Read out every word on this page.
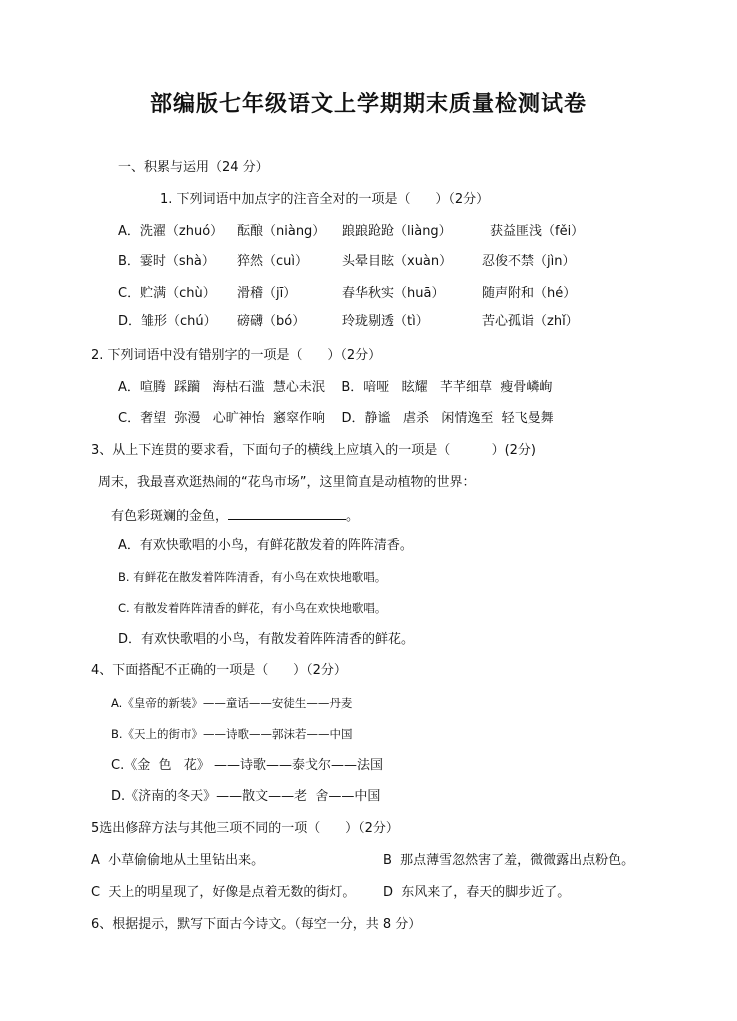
部编版七年级语文上学期期末质量检测试卷
一、积累与运用（24 分）
1. 下列词语中加点字的注音全对的一项是（      ）（2分）
A．洗濯（zhuó） 酝酿（niàng） 踉踉跄跄（liàng）	获益匪浅（fěi）
B．霎时（shà） 猝然（cuì）	头晕目眩（xuàn） 忍俊不禁（jìn）
C．贮满（chù） 滑稽（jī）	春华秋实（huā）	随声附和（hé）
D．雏形（chú） 磅礴（bó）	玲珑剔透（tì）	苦心孤诣（zhǐ）
2. 下列词语中没有错别字的一项是（      ）（2分）
A．喧腾  踩躏   海枯石滥  慧心未泯    B．喑哑   眩耀   芊芊细草  瘦骨嶙峋
C．奢望  弥漫   心旷神怡  窸窣作响    D．静谧   虐杀   闲情逸至  轻飞曼舞
3、从上下连贯的要求看，下面句子的横线上应填入的一项是（          ）(2分)
周末，我最喜欢逛热闹的“花鸟市场”，这里简直是动植物的世界：
有色彩斑斓的金鱼，	。
A．有欢快歌唱的小鸟，有鲜花散发着的阵阵清香。
B. 有鲜花在散发着阵阵清香，有小鸟在欢快地歌唱。
C. 有散发着阵阵清香的鲜花，有小鸟在欢快地歌唱。
D．有欢快歌唱的小鸟，有散发着阵阵清香的鲜花。
4、下面搭配不正确的一项是（      ）（2分）
A.《皇帝的新装》——童话——安徒生——丹麦
B.《天上的街市》——诗歌——郭沫若——中国
C.《金  色   花》 ——诗歌——泰戈尔——法国
D.《济南的冬天》——散文——老  舍——中国
5选出修辞方法与其他三项不同的一项（      ）（2分）
A  小草偷偷地从土里钻出来。	B  那点薄雪忽然害了羞，微微露出点粉色。
C  天上的明星现了，好像是点着无数的街灯。 D  东风来了，春天的脚步近了。
6、根据提示，默写下面古今诗文。（每空一分，共 8 分）
